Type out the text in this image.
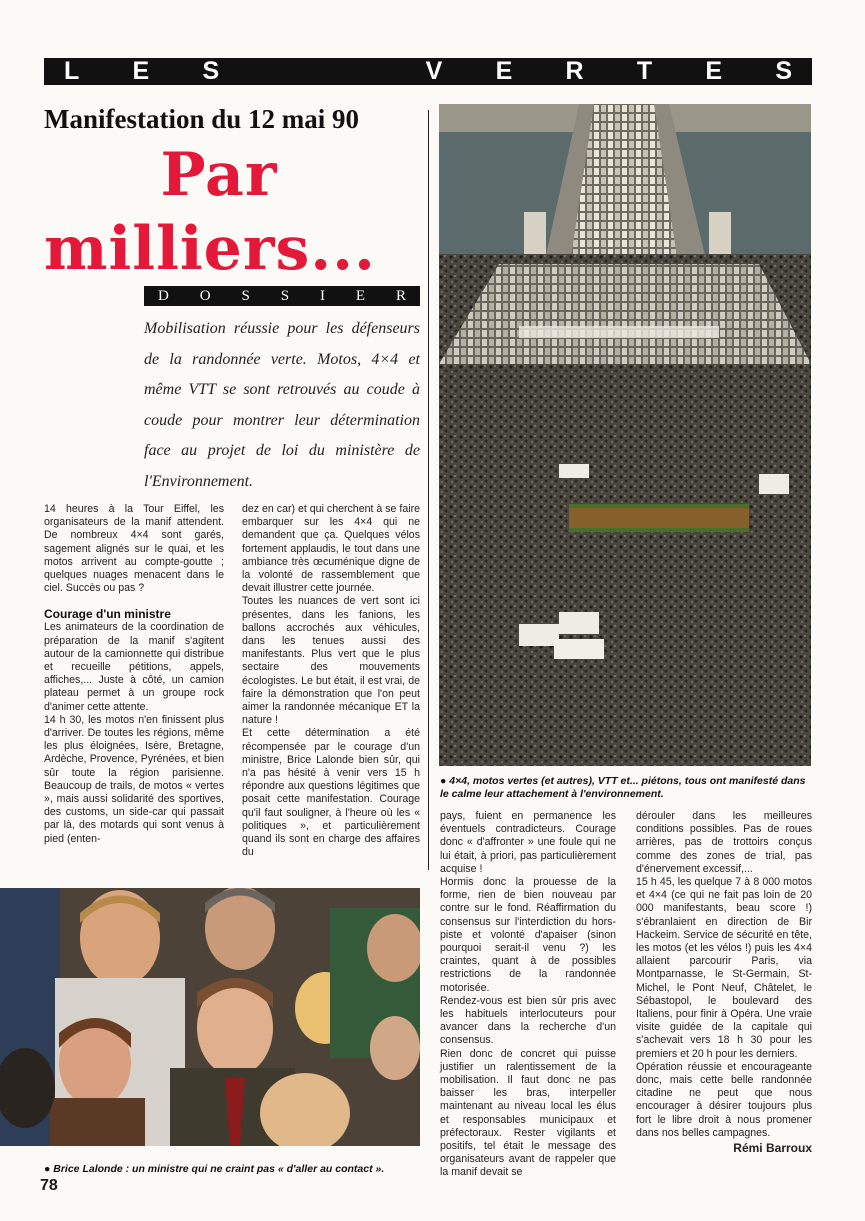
L E S	V E R T E S
Manifestation du 12 mai 90
Par
milliers...
D O S S I E R
Mobilisation réussie pour les défenseurs de la randonnée verte. Motos, 4×4 et même VTT se sont retrouvés au coude à coude pour montrer leur détermination face au projet de loi du ministère de l'Environnement.

14 heures à la Tour Eiffel, les organisateurs de la manif attendent. De nombreux 4×4 sont garés, sagement alignés sur le quai, et les motos arrivent au compte-goutte ; quelques nuages menacent dans le ciel. Succès ou pas ?

Courage d'un ministre

Les animateurs de la coordination de préparation de la manif s'agitent autour de la camionnette qui distribue et recueille pétitions, appels, affiches,... Juste à côté, un camion plateau permet à un groupe rock d'animer cette attente.

14 h 30, les motos n'en finissent plus d'arriver. De toutes les régions, même les plus éloignées, Isère, Bretagne, Ardèche, Provence, Pyrénées, et bien sûr toute la région parisienne. Beaucoup de trails, de motos « vertes », mais aussi solidarité des sportives, des customs, un side-car qui passait par là, des motards qui sont venus à pied (enten-

dez en car) et qui cherchent à se faire embarquer sur les 4×4 qui ne demandent que ça. Quelques vélos fortement applaudis, le tout dans une ambiance très œcuménique digne de la volonté de rassemblement que devait illustrer cette journée.

Toutes les nuances de vert sont ici présentes, dans les fanions, les ballons accrochés aux véhicules, dans les tenues aussi des manifestants. Plus vert que le plus sectaire des mouvements écologistes. Le but était, il est vrai, de faire la démonstration que l'on peut aimer la randonnée mécanique ET la nature !

Et cette détermination a été récompensée par le courage d'un ministre, Brice Lalonde bien sûr, qui n'a pas hésité à venir vers 15 h répondre aux questions légitimes que posait cette manifestation. Courage qu'il faut souligner, à l'heure où les « politiques », et particulièrement quand ils sont en charge des affaires du

pays, fuient en permanence les éventuels contradicteurs. Courage donc « d'affronter » une foule qui ne lui était, à priori, pas particulièrement acquise !

Hormis donc la prouesse de la forme, rien de bien nouveau par contre sur le fond. Réaffirmation du consensus sur l'interdiction du hors-piste et volonté d'apaiser (sinon pourquoi serait-il venu ?) les craintes, quant à de possibles restrictions de la randonnée motorisée.

Rendez-vous est bien sûr pris avec les habituels interlocuteurs pour avancer dans la recherche d'un consensus.

Rien donc de concret qui puisse justifier un ralentissement de la mobilisation. Il faut donc ne pas baisser les bras, interpeller maintenant au niveau local les élus et responsables municipaux et préfectoraux. Rester vigilants et positifs, tel était le message des organisateurs avant de rappeler que la manif devait se

dérouler dans les meilleures conditions possibles. Pas de roues arrières, pas de trottoirs conçus comme des zones de trial, pas d'énervement excessif,...

15 h 45, les quelque 7 à 8 000 motos et 4×4 (ce qui ne fait pas loin de 20 000 manifestants, beau score !) s'ébranlaient en direction de Bir Hackeim. Service de sécurité en tête, les motos (et les vélos !) puis les 4×4 allaient parcourir Paris, via Montparnasse, le St-Germain, St-Michel, le Pont Neuf, Châtelet, le Sébastopol, le boulevard des Italiens, pour finir à Opéra. Une vraie visite guidée de la capitale qui s'achevait vers 18 h 30 pour les premiers et 20 h pour les derniers.

Opération réussie et encourageante donc, mais cette belle randonnée citadine ne peut que nous encourager à désirer toujours plus fort le libre droit à nous promener dans nos belles campagnes.

Rémi Barroux

● 4×4, motos vertes (et autres), VTT et... piétons, tous ont manifesté dans le calme leur attachement à l'environnement.
● Brice Lalonde : un ministre qui ne craint pas « d'aller au contact ».
78
